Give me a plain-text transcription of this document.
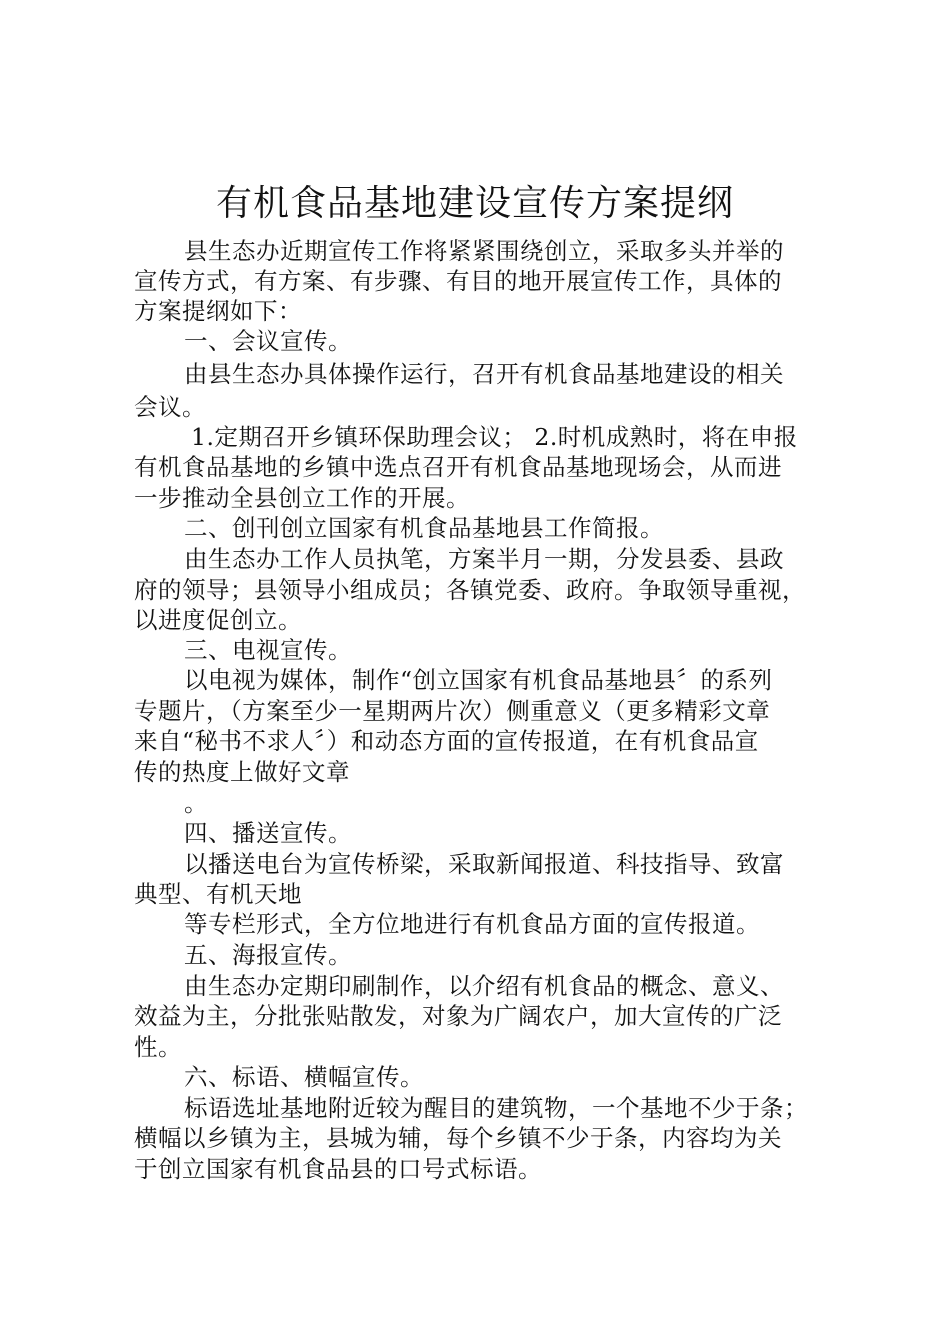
有机食品基地建设宣传方案提纲
县生态办近期宣传工作将紧紧围绕创立，采取多头并举的
宣传方式，有方案、有步骤、有目的地开展宣传工作，具体的
方案提纲如下：
一、会议宣传。
由县生态办具体操作运行，召开有机食品基地建设的相关
会议。
1.定期召开乡镇环保助理会议； 2.时机成熟时，将在申报
有机食品基地的乡镇中选点召开有机食品基地现场会，从而进
一步推动全县创立工作的开展。
二、创刊创立国家有机食品基地县工作简报。
由生态办工作人员执笔，方案半月一期，分发县委、县政
府的领导；县领导小组成员；各镇党委、政府。争取领导重视，
以进度促创立。
三、电视宣传。
以电视为媒体，制作“创立国家有机食品基地县〞的系列
专题片，（方案至少一星期两片次）侧重意义（更多精彩文章
来自“秘书不求人〞）和动态方面的宣传报道，在有机食品宣
传的热度上做好文章
。
四、播送宣传。
以播送电台为宣传桥梁，采取新闻报道、科技指导、致富
典型、有机天地
等专栏形式，全方位地进行有机食品方面的宣传报道。
五、海报宣传。
由生态办定期印刷制作，以介绍有机食品的概念、意义、
效益为主，分批张贴散发，对象为广阔农户，加大宣传的广泛
性。
六、标语、横幅宣传。
标语选址基地附近较为醒目的建筑物，一个基地不少于条；
横幅以乡镇为主，县城为辅，每个乡镇不少于条，内容均为关
于创立国家有机食品县的口号式标语。
